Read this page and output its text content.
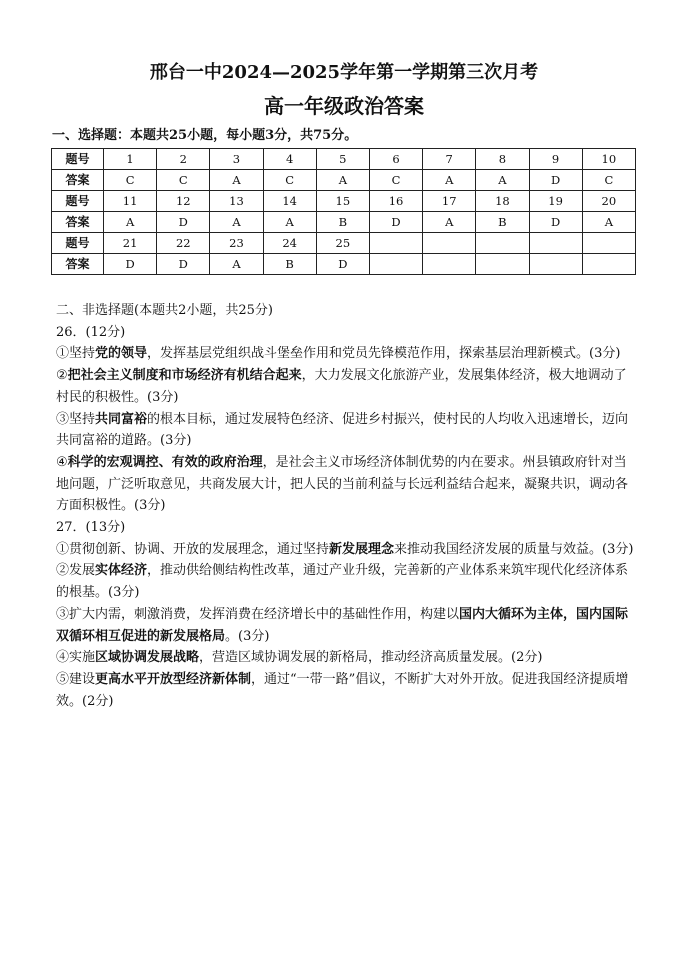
邢台一中2024—2025学年第一学期第三次月考
高一年级政治答案
一、选择题：本题共25小题，每小题3分，共75分。
题号	1	2	3	4	5	6	7	8	9	10
答案	C	C	A	C	A	C	A	A	D	C
题号	11	12	13	14	15	16	17	18	19	20
答案	A	D	A	A	B	D	A	B	D	A
题号	21	22	23	24	25					
答案	D	D	A	B	D					

二、非选择题(本题共2小题，共25分)

26．(12分)

①坚持党的领导，发挥基层党组织战斗堡垒作用和党员先锋模范作用，探索基层治理新模式。(3分)

②把社会主义制度和市场经济有机结合起来，大力发展文化旅游产业，发展集体经济，极大地调动了村民的积极性。(3分)

③坚持共同富裕的根本目标，通过发展特色经济、促进乡村振兴，使村民的人均收入迅速增长，迈向共同富裕的道路。(3分)

④科学的宏观调控、有效的政府治理，是社会主义市场经济体制优势的内在要求。州县镇政府针对当地问题，广泛听取意见，共商发展大计，把人民的当前利益与长远利益结合起来，凝聚共识，调动各方面积极性。(3分)

27．(13分)

①贯彻创新、协调、开放的发展理念，通过坚持新发展理念来推动我国经济发展的质量与效益。(3分)

②发展实体经济，推动供给侧结构性改革，通过产业升级，完善新的产业体系来筑牢现代化经济体系的根基。(3分)

③扩大内需，刺激消费，发挥消费在经济增长中的基础性作用，构建以国内大循环为主体，国内国际双循环相互促进的新发展格局。(3分)

④实施区域协调发展战略，营造区域协调发展的新格局，推动经济高质量发展。(2分)

⑤建设更高水平开放型经济新体制，通过“一带一路”倡议，不断扩大对外开放。促进我国经济提质增效。(2分)
